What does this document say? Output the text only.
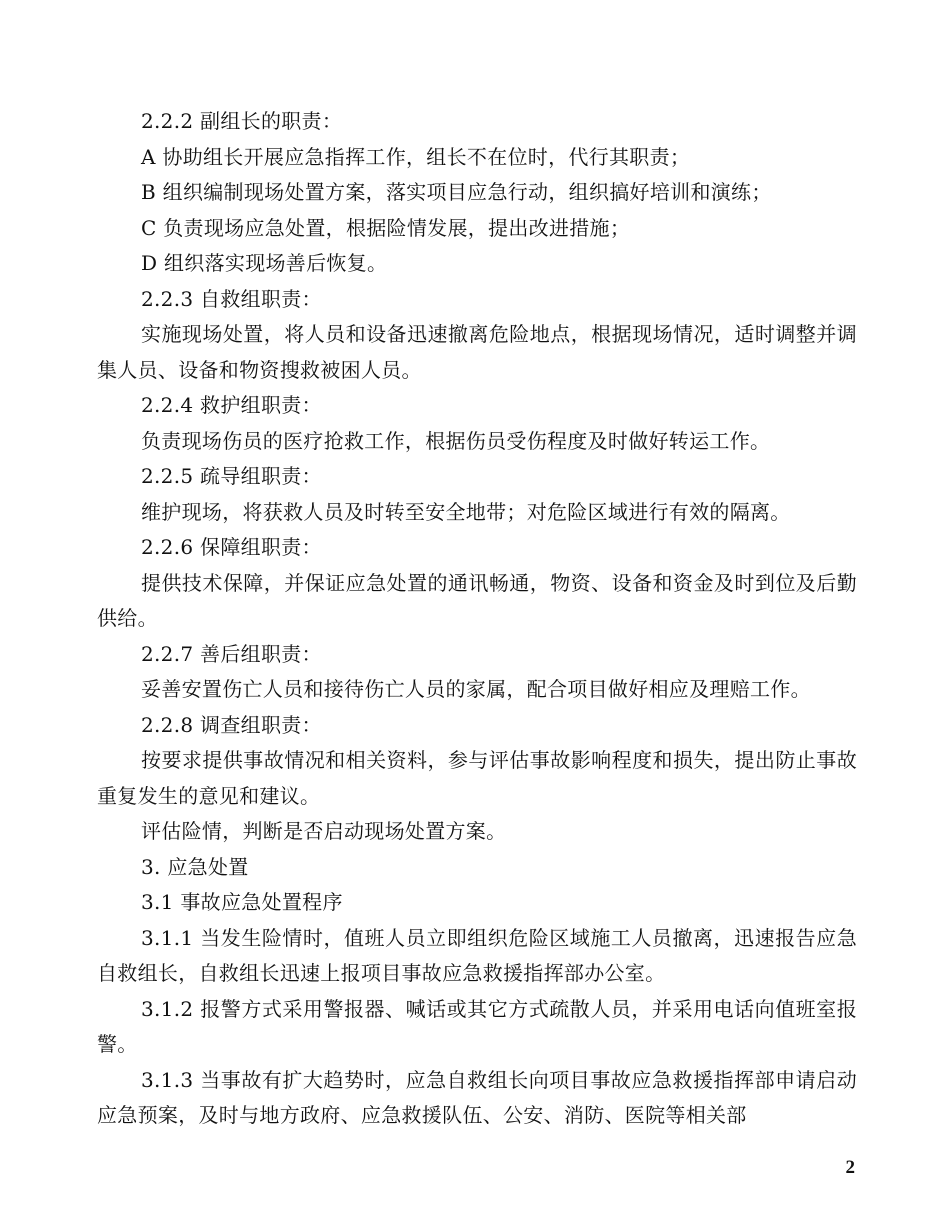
2.2.2 副组长的职责：

A 协助组长开展应急指挥工作，组长不在位时，代行其职责；

B 组织编制现场处置方案，落实项目应急行动，组织搞好培训和演练；

C 负责现场应急处置，根据险情发展，提出改进措施；

D 组织落实现场善后恢复。

2.2.3 自救组职责：

实施现场处置，将人员和设备迅速撤离危险地点，根据现场情况，适时调整并调集人员、设备和物资搜救被困人员。

2.2.4 救护组职责：

负责现场伤员的医疗抢救工作，根据伤员受伤程度及时做好转运工作。

2.2.5 疏导组职责：

维护现场，将获救人员及时转至安全地带；对危险区域进行有效的隔离。

2.2.6 保障组职责：

提供技术保障，并保证应急处置的通讯畅通，物资、设备和资金及时到位及后勤供给。

2.2.7 善后组职责：

妥善安置伤亡人员和接待伤亡人员的家属，配合项目做好相应及理赔工作。

2.2.8 调查组职责：

按要求提供事故情况和相关资料，参与评估事故影响程度和损失，提出防止事故重复发生的意见和建议。

评估险情，判断是否启动现场处置方案。

3. 应急处置

3.1 事故应急处置程序

3.1.1 当发生险情时，值班人员立即组织危险区域施工人员撤离，迅速报告应急自救组长，自救组长迅速上报项目事故应急救援指挥部办公室。

3.1.2 报警方式采用警报器、喊话或其它方式疏散人员，并采用电话向值班室报警。

3.1.3 当事故有扩大趋势时，应急自救组长向项目事故应急救援指挥部申请启动应急预案，及时与地方政府、应急救援队伍、公安、消防、医院等相关部

2
